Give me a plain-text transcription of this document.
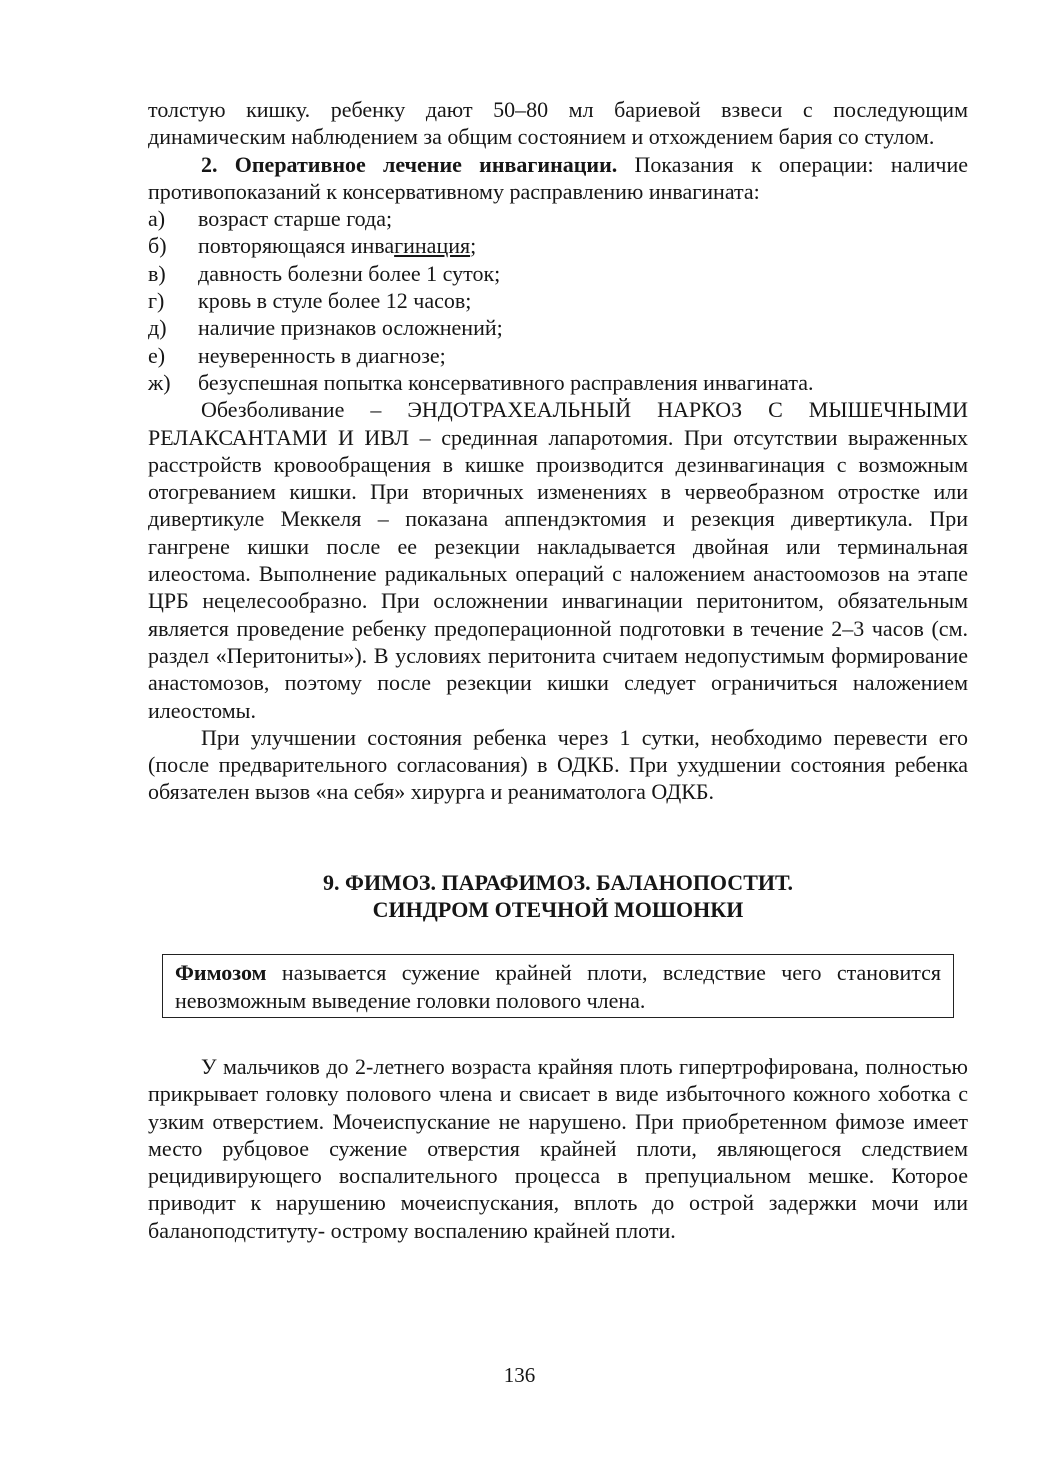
толстую кишку. ребенку дают 50–80 мл бариевой взвеси с последующим динамическим наблюдением за общим состоянием и отхождением бария со стулом.

2. Оперативное лечение инвагинации. Показания к операции: наличие противопоказаний к консервативному расправлению инвагината:

а)	возраст старше года;
б)	повторяющаяся инвагинация;
в)	давность болезни более 1 суток;
г)	кровь в стуле более 12 часов;
д)	наличие признаков осложнений;
е)	неуверенность в диагнозе;
ж)	безуспешная попытка консервативного расправления инвагината.

Обезболивание – ЭНДОТРАХЕАЛЬНЫЙ НАРКОЗ С МЫШЕЧНЫМИ РЕЛАКСАНТАМИ И ИВЛ – срединная лапаротомия. При отсутствии выраженных расстройств кровообращения в кишке производится дезинвагинация с возможным отогреванием кишки. При вторичных изменениях в червеобразном отростке или дивертикуле Меккеля – показана аппендэктомия и резекция дивертикула. При гангрене кишки после ее резекции накладывается двойная или терминальная илеостома. Выполнение радикальных операций с наложением анастоомозов на этапе ЦРБ нецелесообразно. При осложнении инвагинации перитонитом, обязательным является проведение ребенку предоперационной подготовки в течение 2–3 часов (см. раздел «Перитониты»). В условиях перитонита считаем недопустимым формирование анастомозов, поэтому после резекции кишки следует ограничиться наложением илеостомы.

При улучшении состояния ребенка через 1 сутки, необходимо перевести его (после предварительного согласования) в ОДКБ. При ухудшении состояния ребенка обязателен вызов «на себя» хирурга и реаниматолога ОДКБ.

9. ФИМОЗ. ПАРАФИМОЗ. БАЛАНОПОСТИТ.
СИНДРОМ ОТЕЧНОЙ МОШОНКИ
Фимозом называется сужение крайней плоти, вследствие чего становится невозможным выведение головки полового члена.

У мальчиков до 2-летнего возраста крайняя плоть гипертрофирована, полностью прикрывает головку полового члена и свисает в виде избыточного кожного хоботка с узким отверстием. Мочеиспускание не нарушено. При приобретенном фимозе имеет место рубцовое сужение отверстия крайней плоти, являющегося следствием рецидивирующего воспалительного процесса в препуциальном мешке. Которое приводит к нарушению мочеиспускания, вплоть до острой задержки мочи или баланоподституту- острому воспалению крайней плоти.

136
